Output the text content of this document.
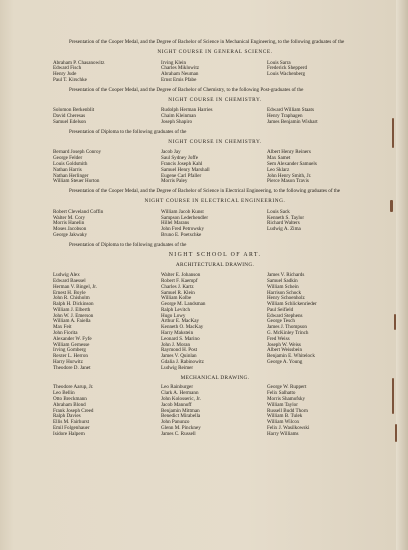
Presentation of the Cooper Medal, and the Degree of Bachelor of Science in Mechanical Engineering, to the following graduates of the

NIGHT COURSE IN GENERAL SCIENCE.
Abraham P. Chasanowitz
Edward Fisch
Henry Jude
Paul T. Kirschke
Irving Klein
Charles Miklowitz
Abraham Neuman
Ernst Emis Pfabe
Louis Sarra
Frederick Shepperd
Louis Wachenberg

Presentation of the Cooper Medal, and the Degree of Bachelor of Chemistry, to the following Post-graduates of the

NIGHT COURSE IN CHEMISTRY.
Solomon Berkenblit
David Cheresas
Samuel Edelson
Rudolph Herman Harries
Chaim Kleinman
Joseph Shapiro
Edward William Staats
Henry Traphagen
James Benjamin Wishart

Presentation of Diploma to the following graduates of the

NIGHT COURSE IN CHEMISTRY.
Bernard Joseph Conroy
George Felder
Louis Goldsmith
Nathan Harris
Nathan Herlinger
William Steuer Horton
Jacob Jay
Saul Sydney Joffe
Francis Joseph Kahl
Samuel Henry Marshall
Eugene Carl Pfaller
Morris Paley
Albert Henry Reiners
Max Samet
Sem Alexander Samuels
Leo Sklarz
John Henry Smith, Jr.
Pierce Mason Travis

Presentation of the Cooper Medal, and the Degree of Bachelor of Science in Electrical Engineering, to the following graduates of the

NIGHT COURSE IN ELECTRICAL ENGINEERING.
Robert Cleveland Coffin
Walter M. Cory
Morris Hanelin
Moses Jacobson
George Jakwaky
William Jacob Kunst
Sampson Lederhendler
Hillel Marans
John Fred Petrowsky
Bruno E. Poetschke
Louis Sack
Kenneth S. Taylor
Richard Walters
Ludwig A. Zima

Presentation of Diploma to the following graduates of the

NIGHT SCHOOL OF ART.
ARCHITECTURAL DRAWING.
Ludwig Alex
Edward Baessel
Herman V. Bingel, Jr.
Ernest H. Boyle
John R. Chisholm
Ralph H. Dickinson
William J. Elberth
John W. J. Emerson
William A. Faiella
Max Feit
John Fiorita
Alexander W. Fyfe
William Gernesse
Irving Gomberg
Rexter L. Herron
Harry Hurwitz
Theodore D. Janet
Walter E. Johanson
Robert F. Kaempf
Charles J. Kartz
Samuel R. Klein
William Kolbe
George M. Landsman
Ralph Levitch
Hugo Lowy
Arthur E. MacKay
Kenneth O. MacKay
Harry Makstein
Leonard S. Marino
John J. Moran
Raymond H. Post
James V. Quinlan
Gdalia J. Rabinowitz
Ludwig Reimer
James V. Richards
Samuel Sadkin
William Schein
Harrison Schock
Henry Schoenholz
William Schlickenrieder
Paul Seifield
Edward Stephens
George Tesch
James J. Thompson
G. McKinley Trinch
Fred Weiss
Joseph W. Weiss
Albert Weissbein
Benjamin E. Whitelock
George A. Young
MECHANICAL DRAWING.
Theodore Aarup, Jr.
Leo Bellin
Otto Breckmann
Abraham Blond
Frank Joseph Creed
Ralph Davies
Ellis M. Fairhurst
Emil Folgenhauer
Isidore Halpern
Leo Rainburger
Clark A. Hermann
John Kolosseric, Jr.
Jacob Mannoff
Benjamin Mittman
Benedict Mirabella
John Panunzo
Glenn M. Pinckney
James C. Russell
George W. Ruppert
Felix Salhatto
Morris Shamofsky
William Taylor
Russell Budd Thorn
William B. Tulek
William Wilcox
Felix J. Wasilkowski
Harry Williams
